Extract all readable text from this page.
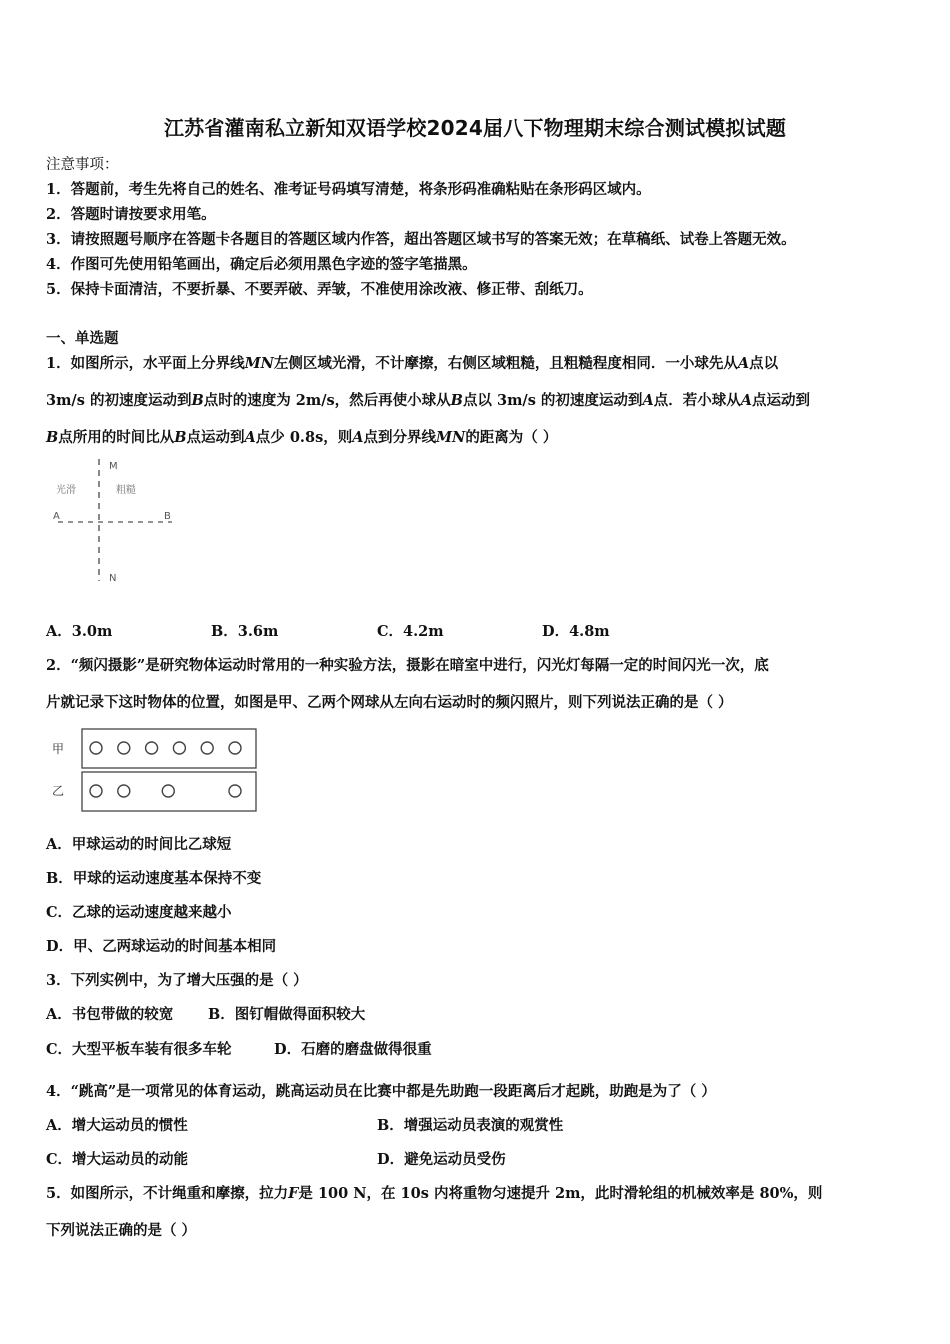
江苏省灌南私立新知双语学校2024届八下物理期末综合测试模拟试题
注意事项：
1．答题前，考生先将自己的姓名、准考证号码填写清楚，将条形码准确粘贴在条形码区域内。
2．答题时请按要求用笔。
3．请按照题号顺序在答题卡各题目的答题区域内作答，超出答题区域书写的答案无效；在草稿纸、试卷上答题无效。
4．作图可先使用铅笔画出，确定后必须用黑色字迹的签字笔描黑。
5．保持卡面清洁，不要折暴、不要弄破、弄皱，不准使用涂改液、修正带、刮纸刀。
一、单选题
1．如图所示，水平面上分界线MN左侧区域光滑，不计摩擦，右侧区域粗糙，且粗糙程度相同．一小球先从A点以
3m/s 的初速度运动到B点时的速度为 2m/s，然后再使小球从B点以 3m/s 的初速度运动到A点．若小球从A点运动到
B点所用的时间比从B点运动到A点少 0.8s，则A点到分界线MN的距离为（ ）
M
N
A	B
光滑	粗糙
A．3.0m	B．3.6m	C．4.2m	D．4.8m
2．“频闪摄影”是研究物体运动时常用的一种实验方法，摄影在暗室中进行，闪光灯每隔一定的时间闪光一次，底
片就记录下这时物体的位置，如图是甲、乙两个网球从左向右运动时的频闪照片，则下列说法正确的是（ ）
甲
乙
A．甲球运动的时间比乙球短
B．甲球的运动速度基本保持不变
C．乙球的运动速度越来越小
D．甲、乙两球运动的时间基本相同
3．下列实例中，为了增大压强的是（ ）
A．书包带做的较宽 B．图钉帽做得面积较大
C．大型平板车装有很多车轮	D．石磨的磨盘做得很重
4．“跳高”是一项常见的体育运动，跳高运动员在比赛中都是先助跑一段距离后才起跳，助跑是为了（ ）
A．增大运动员的惯性	B．增强运动员表演的观赏性
C．增大运动员的动能	D．避免运动员受伤
5．如图所示，不计绳重和摩擦，拉力F是 100 N，在 10s 内将重物匀速提升 2m，此时滑轮组的机械效率是 80%，则
下列说法正确的是（ ）
